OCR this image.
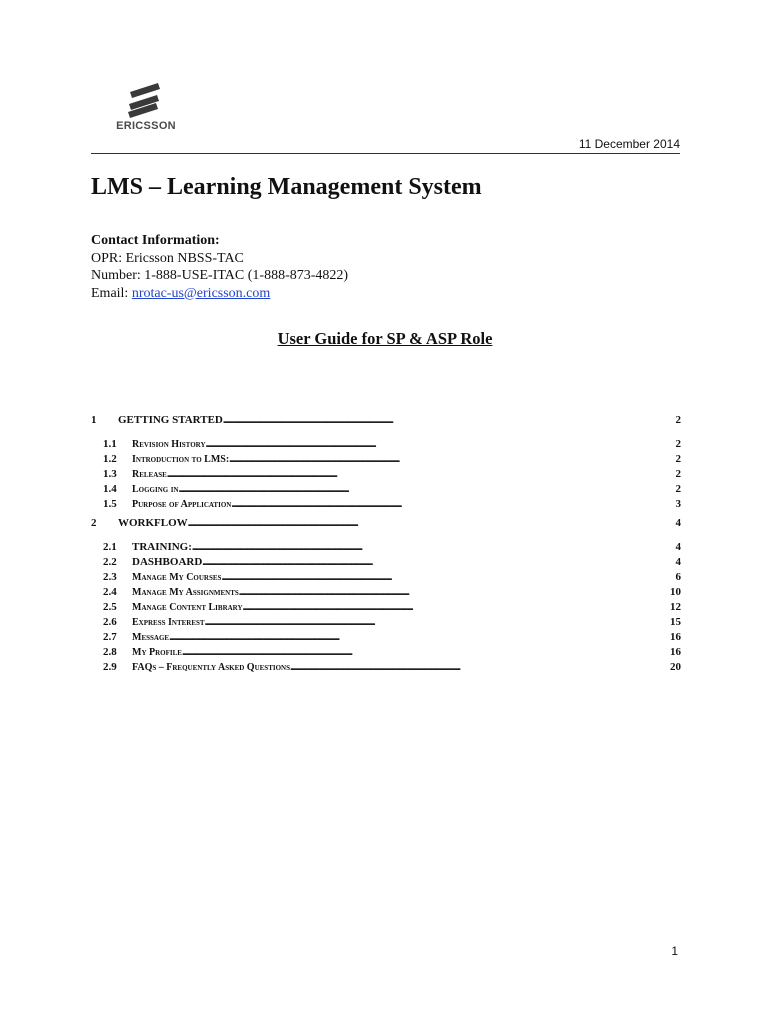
ERICSSON
11 December 2014
LMS – Learning Management System
Contact Information:
OPR: Ericsson NBSS-TAC
Number: 1-888-USE-ITAC (1-888-873-4822)
Email: nrotac-us@ericsson.com
User Guide for SP & ASP Role
1	GETTING STARTED . . .	2
1.1	Revision History . . .	2
1.2	Introduction to LMS: . . .	2
1.3	Release . . .	2
1.4	Logging in . . .	2
1.5	Purpose of Application . . .	3
2	WORKFLOW . . .	4
2.1	TRAINING: . . .	4
2.2	DASHBOARD . . .	4
2.3	Manage My Courses . . .	6
2.4	Manage My Assignments . . .	10
2.5	Manage Content Library . . .	12
2.6	Express Interest . . .	15
2.7	Message . . .	16
2.8	My Profile . . .	16
2.9	FAQs – Frequently Asked Questions . . .	20
1
